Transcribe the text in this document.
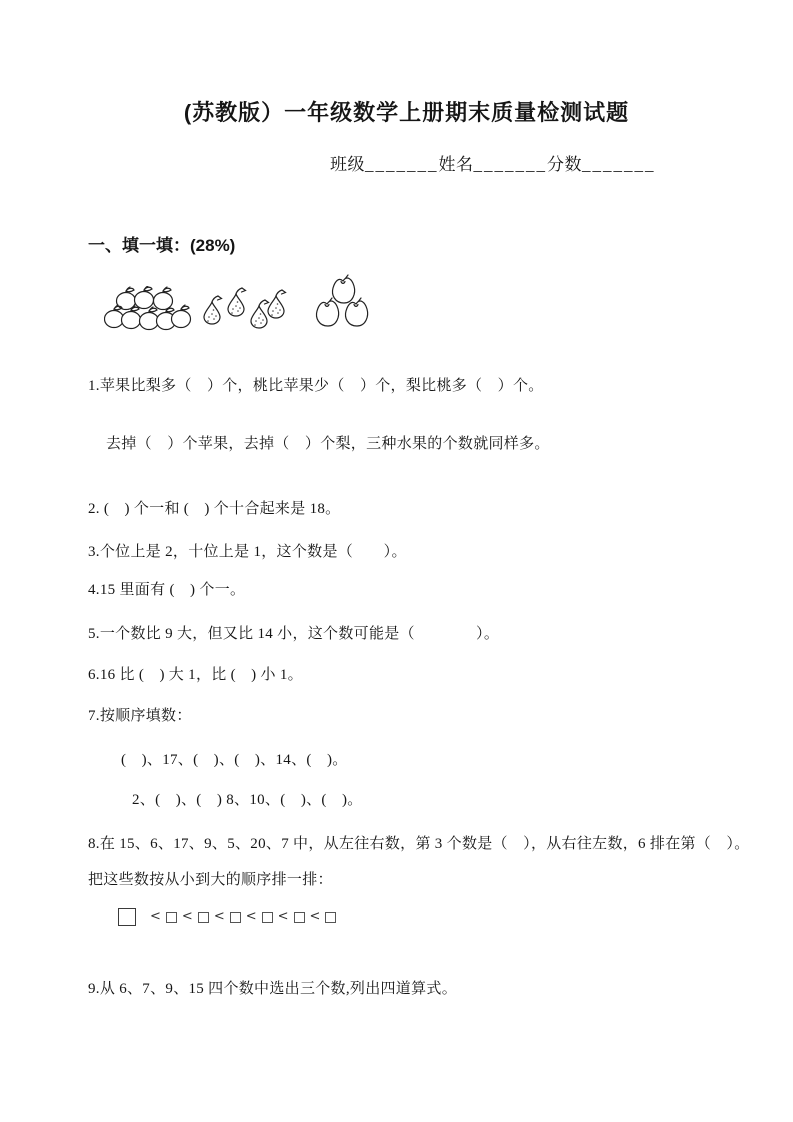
(苏教版）一年级数学上册期末质量检测试题
班级_______姓名_______分数_______
一、填一填：(28%)
1.苹果比梨多（　）个，桃比苹果少（　）个，梨比桃多（　）个。
去掉（　）个苹果，去掉（　）个梨，三种水果的个数就同样多。
2. (　) 个一和 (　) 个十合起来是 18。
3.个位上是 2，十位上是 1，这个数是（　　）。
4.15 里面有 (　) 个一。
5.一个数比 9 大，但又比 14 小，这个数可能是（　　　　）。
6.16 比 (　) 大 1，比 (　) 小 1。
7.按顺序填数：
(　)、17、(　)、(　)、14、(　)。
2、(　)、(　) 8、10、(　)、(　)。
8.在 15、6、17、9、5、20、7 中，从左往右数，第 3 个数是（　），从右往左数，6 排在第（　）。
把这些数按从小到大的顺序排一排：
< < < < < <
9.从 6、7、9、15 四个数中选出三个数,列出四道算式。
